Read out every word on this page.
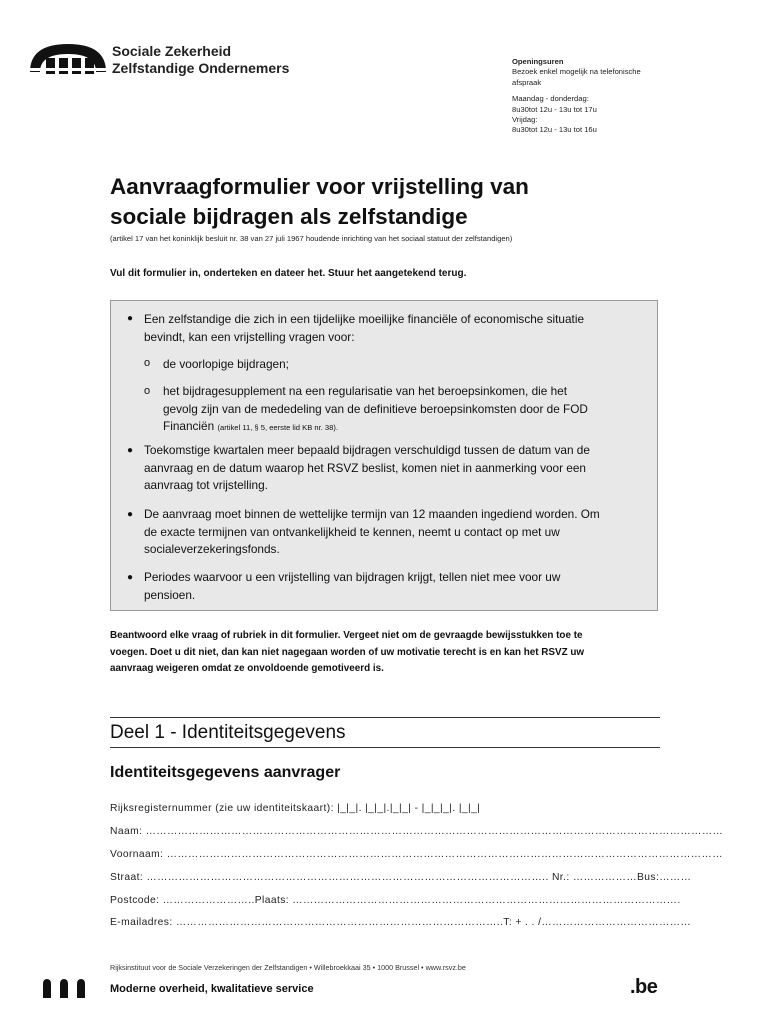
Sociale Zekerheid
Zelfstandige Ondernemers	Openingsuren
Bezoek enkel mogelijk na telefonische
afspraak
Maandag - donderdag:
8u30tot 12u - 13u tot 17u
Vrijdag:
8u30tot 12u - 13u tot 16u
Aanvraagformulier voor vrijstelling van
sociale bijdragen als zelfstandige
(artikel 17 van het koninklijk besluit nr. 38 van 27 juli 1967 houdende inrichting van het sociaal statuut der zelfstandigen)
Vul dit formulier in, onderteken en dateer het. Stuur het aangetekend terug.
● Een zelfstandige die zich in een tijdelijke moeilijke financiële of economische situatie
bevindt, kan een vrijstelling vragen voor:
o de voorlopige bijdragen;
o het bijdragesupplement na een regularisatie van het beroepsinkomen, die het
gevolg zijn van de mededeling van de definitieve beroepsinkomsten door de FOD
Financiën (artikel 11, § 5, eerste lid KB nr. 38).
● Toekomstige kwartalen meer bepaald bijdragen verschuldigd tussen de datum van de
aanvraag en de datum waarop het RSVZ beslist, komen niet in aanmerking voor een
aanvraag tot vrijstelling.
● De aanvraag moet binnen de wettelijke termijn van 12 maanden ingediend worden. Om
de exacte termijnen van ontvankelijkheid te kennen, neemt u contact op met uw
socialeverzekeringsfonds.
● Periodes waarvoor u een vrijstelling van bijdragen krijgt, tellen niet mee voor uw
pensioen.
Beantwoord elke vraag of rubriek in dit formulier. Vergeet niet om de gevraagde bewijsstukken toe te
voegen. Doet u dit niet, dan kan niet nagegaan worden of uw motivatie terecht is en kan het RSVZ uw
aanvraag weigeren omdat ze onvoldoende gemotiveerd is.
Deel 1 - Identiteitsgegevens
Identiteitsgegevens aanvrager
Rijksregisternummer (zie uw identiteitskaart): |_|_|. |_|_|.|_|_| - |_|_|_|. |_|_|
Naam: ………………………………………………………………………………………………………………………………………………
Voornaam: …………………………………………………………………………………………………………………………………………
Straat: ………………………………………………………………………………………………….. Nr.: ………………Bus:………
Postcode: ……………………..Plaats: ……………………………………………………………………………………………….
E-mailadres: ………………………………………………………………………………..T: + . . /……………………………………
Rijksinstituut voor de Sociale Verzekeringen der Zelfstandigen • Willebroekkaai 35 • 1000 Brussel • www.rsvz.be
Moderne overheid, kwalitatieve service	.be
